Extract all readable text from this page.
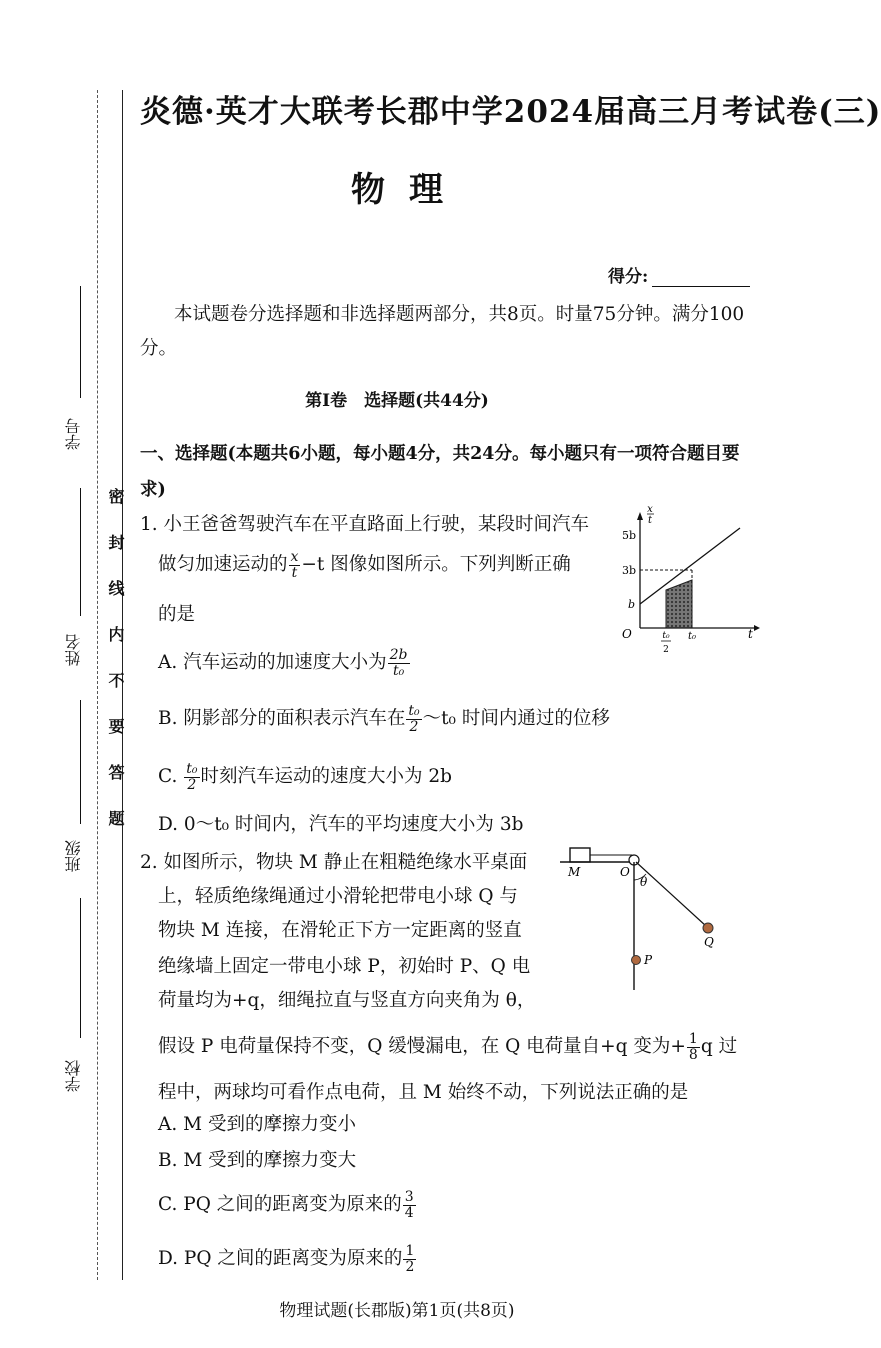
学号
姓名
班级
学校
密封线内不要答题
炎德·英才大联考长郡中学2024届高三月考试卷(三)
物理
得分:
本试题卷分选择题和非选择题两部分，共8页。时量75分钟。满分100分。
第Ⅰ卷　选择题(共44分)
一、选择题(本题共6小题，每小题4分，共24分。每小题只有一项符合题目要求)
1. 小王爸爸驾驶汽车在平直路面上行驶，某段时间汽车
做匀加速运动的 $\frac{x}{t} -t$ 图像如图所示。下列判断正确
的是
A. 汽车运动的加速度大小为 $\frac{2b}{\text{t₀}}$
B. 阴影部分的面积表示汽车在 $\frac{\text{t₀}}{2}$ ～t₀ 时间内通过的位移
C. $\frac{\text{t₀}}{2}$ 时刻汽车运动的速度大小为 2b
D. 0～t₀ 时间内，汽车的平均速度大小为 3b
x
t
t
O
5b
3b
b
t₀
2
t₀
2. 如图所示，物块 M 静止在粗糙绝缘水平桌面
上，轻质绝缘绳通过小滑轮把带电小球 Q 与
物块 M 连接，在滑轮正下方一定距离的竖直
绝缘墙上固定一带电小球 P，初始时 P、Q 电
荷量均为+q，细绳拉直与竖直方向夹角为 θ，
假设 P 电荷量保持不变，Q 缓慢漏电，在 Q 电荷量自+q 变为+ $\frac{1}{8}$ q 过
程中，两球均可看作点电荷，且 M 始终不动，下列说法正确的是
A. M 受到的摩擦力变小
B. M 受到的摩擦力变大
C. PQ 之间的距离变为原来的 $\frac{3}{4}$
D. PQ 之间的距离变为原来的 $\frac{1}{2}$
M	O
θ
Q
P
物理试题(长郡版)第1页(共8页)
